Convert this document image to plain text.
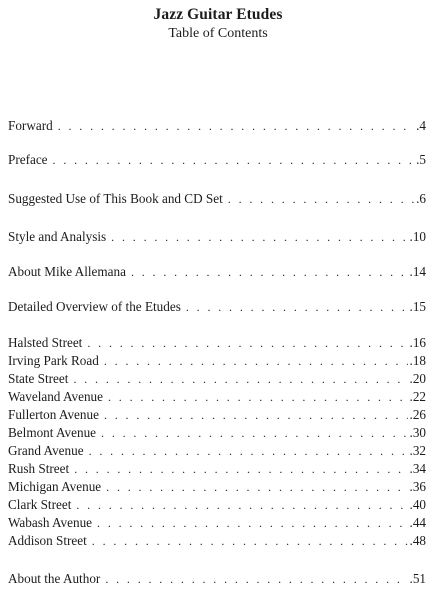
Jazz Guitar Etudes
Table of Contents
Forward . . .	.4
Preface . . .	.5
Suggested Use of This Book and CD Set . . .	.6
Style and Analysis . . .	.10
About Mike Allemana . . .	.14
Detailed Overview of the Etudes . . .	.15
Halsted Street . . .	.16
Irving Park Road . . .	.18
State Street . . .	.20
Waveland Avenue . . .	.22
Fullerton Avenue . . .	.26
Belmont Avenue . . .	.30
Grand Avenue . . .	.32
Rush Street . . .	.34
Michigan Avenue . . .	.36
Clark Street . . .	.40
Wabash Avenue . . .	.44
Addison Street . . .	.48
About the Author . . .	.51
